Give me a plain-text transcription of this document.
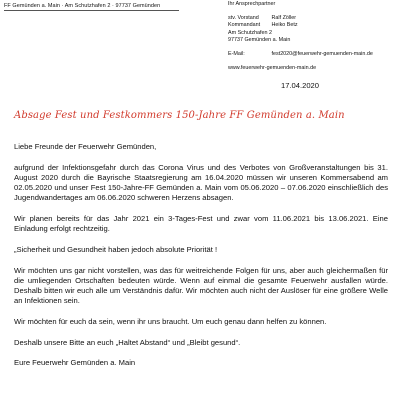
FF Gemünden a. Main · Am Schutzhafen 2 · 97737 Gemünden	Ihr Ansprechpartner
stv. Vorstand Ralf Zöller
Kommandant Heiko Betz
Am Schutzhafen 2
97737 Gemünden a. Main
E-Mail:	fest2020@feuerwehr-gemuenden-main.de
www.feuerwehr-gemuenden-main.de
17.04.2020
Absage Fest und Festkommers 150-Jahre FF Gemünden a. Main

Liebe Freunde der Feuerwehr Gemünden,

aufgrund der Infektionsgefahr durch das Corona Virus und des Verbotes von Großveranstaltungen bis 31. August 2020 durch die Bayrische Staatsregierung am 16.04.2020 müssen wir unseren Kommersabend am 02.05.2020 und unser Fest 150-Jahre-FF Gemünden a. Main vom 05.06.2020 – 07.06.2020 einschließlich des Jugendwandertages am 06.06.2020 schweren Herzens absagen.

Wir planen bereits für das Jahr 2021 ein 3-Tages-Fest und zwar vom 11.06.2021 bis 13.06.2021. Eine Einladung erfolgt rechtzeitig.

„Sicherheit und Gesundheit haben jedoch absolute Priorität !

Wir möchten uns gar nicht vorstellen, was das für weitreichende Folgen für uns, aber auch gleichermaßen für die umliegenden Ortschaften bedeuten würde. Wenn auf einmal die gesamte Feuerwehr ausfallen würde. Deshalb bitten wir euch alle um Verständnis dafür. Wir möchten auch nicht der Auslöser für eine größere Welle an Infektionen sein.

Wir möchten für euch da sein, wenn ihr uns braucht. Um euch genau dann helfen zu können.

Deshalb unsere Bitte an euch „Haltet Abstand“ und „Bleibt gesund“.

Eure Feuerwehr Gemünden a. Main
